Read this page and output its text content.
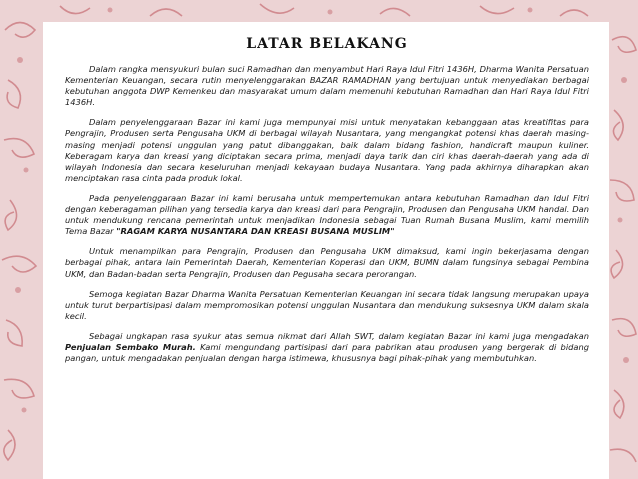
LATAR BELAKANG

Dalam rangka mensyukuri bulan suci Ramadhan dan menyambut Hari Raya Idul Fitri 1436H, Dharma Wanita Persatuan Kementerian Keuangan, secara rutin menyelenggarakan BAZAR RAMADHAN yang bertujuan untuk menyediakan berbagai kebutuhan anggota DWP Kemenkeu dan masyarakat umum dalam memenuhi kebutuhan Ramadhan dan Hari Raya Idul Fitri 1436H.

Dalam penyelenggaraan Bazar ini kami juga mempunyai misi untuk menyatakan kebanggaan atas kreatifitas para Pengrajin, Produsen serta Pengusaha UKM di berbagai wilayah Nusantara, yang mengangkat potensi khas daerah masing-masing menjadi potensi unggulan yang patut dibanggakan, baik dalam bidang fashion, handicraft maupun kuliner. Keberagam karya dan kreasi yang diciptakan secara prima, menjadi daya tarik dan ciri khas daerah-daerah yang ada di wilayah Indonesia dan secara keseluruhan menjadi kekayaan budaya Nusantara. Yang pada akhirnya diharapkan akan menciptakan rasa cinta pada produk lokal.

Pada penyelenggaraan Bazar ini kami berusaha untuk mempertemukan antara kebutuhan Ramadhan dan Idul Fitri dengan keberagaman pilihan yang tersedia karya dan kreasi dari para Pengrajin, Produsen dan Pengusaha UKM handal. Dan untuk mendukung rencana pemerintah untuk menjadikan Indonesia sebagai Tuan Rumah Busana Muslim, kami memilih Tema Bazar "RAGAM KARYA NUSANTARA DAN KREASI BUSANA MUSLIM"

Untuk menampilkan para Pengrajin, Produsen dan Pengusaha UKM dimaksud, kami ingin bekerjasama dengan berbagai pihak, antara lain Pemerintah Daerah, Kementerian Koperasi dan UKM, BUMN dalam fungsinya sebagai Pembina UKM, dan Badan-badan serta Pengrajin, Produsen dan Pegusaha secara perorangan.

Semoga kegiatan Bazar Dharma Wanita Persatuan Kementerian Keuangan ini secara tidak langsung merupakan upaya untuk turut berpartisipasi dalam mempromosikan potensi unggulan Nusantara dan mendukung suksesnya UKM dalam skala kecil.

Sebagai ungkapan rasa syukur atas semua nikmat dari Allah SWT, dalam kegiatan Bazar ini kami juga mengadakan Penjualan Sembako Murah. Kami mengundang partisipasi dari para pabrikan atau produsen yang bergerak di bidang pangan, untuk mengadakan penjualan dengan harga istimewa, khususnya bagi pihak-pihak yang membutuhkan.
